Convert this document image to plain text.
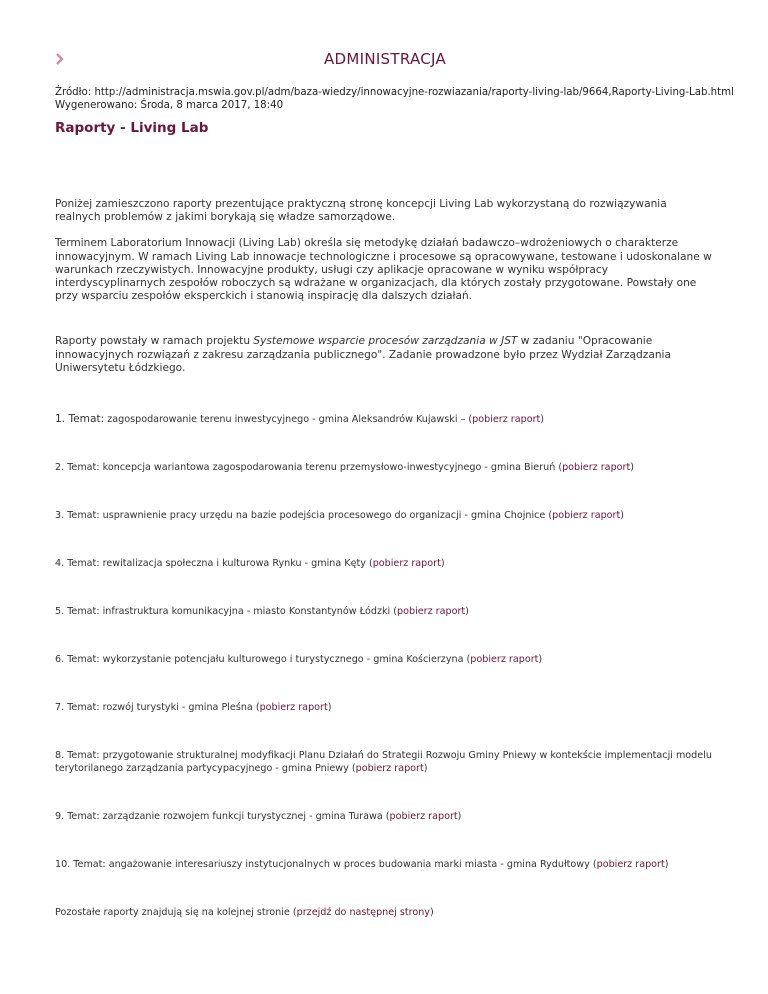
ADMINISTRACJA
Źródło: http://administracja.mswia.gov.pl/adm/baza-wiedzy/innowacyjne-rozwiazania/raporty-living-lab/9664,Raporty-Living-Lab.html
Wygenerowano: Środa, 8 marca 2017, 18:40
Raporty - Living Lab

Poniżej zamieszczono raporty prezentujące praktyczną stronę koncepcji Living Lab wykorzystaną do rozwiązywania realnych problemów z jakimi borykają się władze samorządowe.

Terminem Laboratorium Innowacji (Living Lab) określa się metodykę działań badawczo–wdrożeniowych o charakterze innowacyjnym. W ramach Living Lab innowacje technologiczne i procesowe są opracowywane, testowane i udoskonalane w warunkach rzeczywistych. Innowacyjne produkty, usługi czy aplikacje opracowane w wyniku współpracy interdyscyplinarnych zespołów roboczych są wdrażane w organizacjach, dla których zostały przygotowane. Powstały one przy wsparciu zespołów eksperckich i stanowią inspirację dla dalszych działań.

Raporty powstały w ramach projektu Systemowe wsparcie procesów zarządzania w JST w zadaniu "Opracowanie innowacyjnych rozwiązań z zakresu zarządzania publicznego". Zadanie prowadzone było przez Wydział Zarządzania Uniwersytetu Łódzkiego.

1. Temat: zagospodarowanie terenu inwestycyjnego - gmina Aleksandrów Kujawski – (pobierz raport)

2. Temat: koncepcja wariantowa zagospodarowania terenu przemysłowo-inwestycyjnego - gmina Bieruń (pobierz raport)

3. Temat: usprawnienie pracy urzędu na bazie podejścia procesowego do organizacji - gmina Chojnice (pobierz raport)

4. Temat: rewitalizacja społeczna i kulturowa Rynku - gmina Kęty (pobierz raport)

5. Temat: infrastruktura komunikacyjna - miasto Konstantynów Łódzki (pobierz raport)

6. Temat: wykorzystanie potencjału kulturowego i turystycznego - gmina Kościerzyna (pobierz raport)

7. Temat: rozwój turystyki - gmina Pleśna (pobierz raport)

8. Temat: przygotowanie strukturalnej modyfikacji Planu Działań do Strategii Rozwoju Gminy Pniewy w kontekście implementacji modelu terytorilanego zarządzania partycypacyjnego - gmina Pniewy (pobierz raport)

9. Temat: zarządzanie rozwojem funkcji turystycznej - gmina Turawa (pobierz raport)

10. Temat: angażowanie interesariuszy instytucjonalnych w proces budowania marki miasta - gmina Rydułtowy (pobierz raport)

Pozostałe raporty znajdują się na kolejnej stronie (przejdź do następnej strony)
